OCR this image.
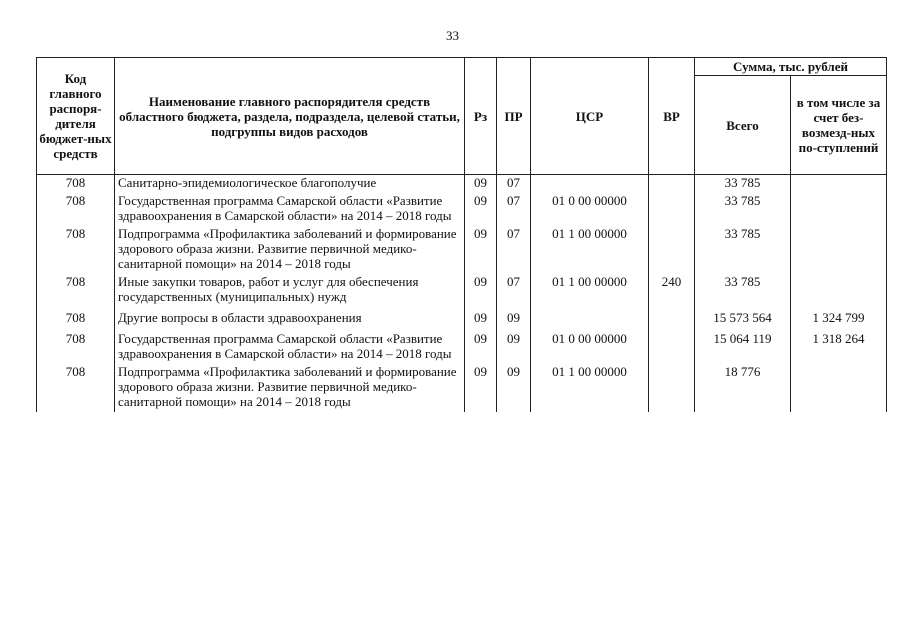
33
Код главного распоря-дителя бюджет-ных средств	Наименование главного распорядителя средств областного бюджета, раздела, подраздела, целевой статьи, подгруппы видов расходов	Рз	ПР	ЦСР	ВР	Сумма, тыс. рублей	
						Всего	в том числе за счет без-возмезд-ных по-ступлений
708	Санитарно-эпидемиологическое благополучие	09	07			33 785	
708	Государственная программа Самарской области «Развитие здравоохранения в Самарской области» на 2014 – 2018 годы	09	07	01 0 00 00000		33 785	
708	Подпрограмма «Профилактика заболеваний и формирование здорового образа жизни. Развитие первичной медико-санитарной помощи» на 2014 – 2018 годы	09	07	01 1 00 00000		33 785	
708	Иные закупки товаров, работ и услуг для обеспечения государственных (муниципальных) нужд	09	07	01 1 00 00000	240	33 785	
708	Другие вопросы в области здравоохранения	09	09			15 573 564	1 324 799
708	Государственная программа Самарской области «Развитие здравоохранения в Самарской области» на 2014 – 2018 годы	09	09	01 0 00 00000		15 064 119	1 318 264
708	Подпрограмма «Профилактика заболеваний и формирование здорового образа жизни. Развитие первичной медико-санитарной помощи» на 2014 – 2018 годы	09	09	01 1 00 00000		18 776	
